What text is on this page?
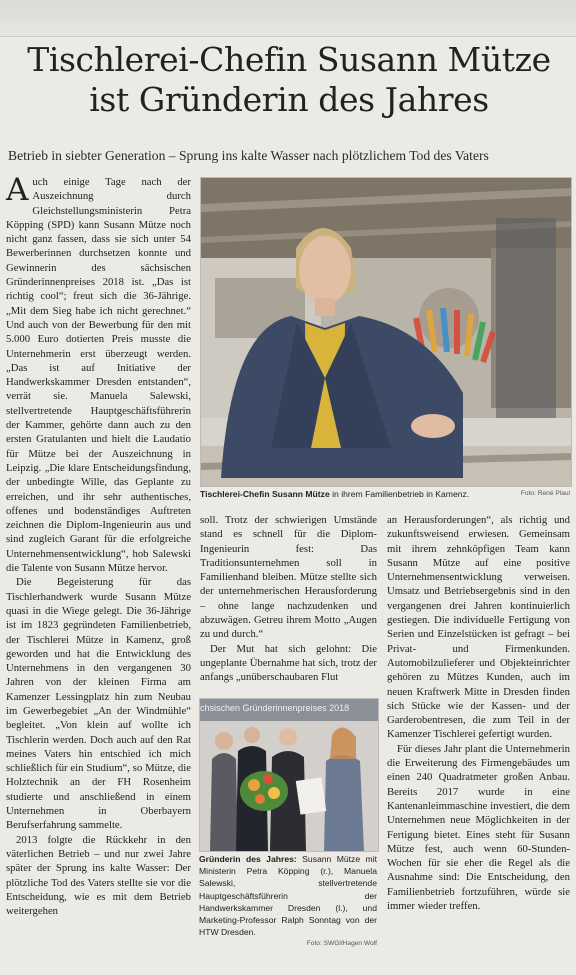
Tischlerei-Chefin Susann Mütze
ist Gründerin des Jahres
Betrieb in siebter Generation – Sprung ins kalte Wasser nach plötzlichem Tod des Vaters

Auch einige Tage nach der Auszeichnung durch Gleichstellungsministerin Petra Köpping (SPD) kann Susann Mütze noch nicht ganz fassen, dass sie sich unter 54 Bewerberinnen durchsetzen konnte und Gewinnerin des sächsischen Gründerinnenpreises 2018 ist. „Das ist richtig cool“; freut sich die 36-Jährige. „Mit dem Sieg habe ich nicht gerechnet.“ Und auch von der Bewerbung für den mit 5.000 Euro dotierten Preis musste die Unternehmerin erst überzeugt werden. „Das ist auf Initiative der Handwerkskammer Dresden entstanden“, verrät sie. Manuela Salewski, stellvertretende Hauptgeschäftsführerin der Kammer, gehörte dann auch zu den ersten Gratulanten und hielt die Laudatio für Mütze bei der Auszeichnung in Leipzig. „Die klare Entscheidungsfindung, der unbedingte Wille, das Geplante zu erreichen, und ihr sehr authentisches, offenes und bodenständiges Auftreten zeichnen die Diplom-Ingenieurin aus und sind zugleich Garant für die erfolgreiche Unternehmensentwicklung“, hob Salewski die Talente von Susann Mütze hervor.

Die Begeisterung für das Tischlerhandwerk wurde Susann Mütze quasi in die Wiege gelegt. Die 36-Jährige ist im 1823 gegründeten Familienbetrieb, der Tischlerei Mütze in Kamenz, groß geworden und hat die Entwicklung des Unternehmens in den vergangenen 30 Jahren von der kleinen Firma am Kamenzer Lessingplatz hin zum Neubau im Gewerbegebiet „An der Windmühle“ begleitet. „Von klein auf wollte ich Tischlerin werden. Doch auch auf den Rat meines Vaters hin entschied ich mich schließlich für ein Studium“, so Mütze, die Holztechnik an der FH Rosenheim studierte und anschließend in einem Unternehmen in Oberbayern Berufserfahrung sammelte.

2013 folgte die Rückkehr in den väterlichen Betrieb – und nur zwei Jahre später der Sprung ins kalte Wasser: Der plötzliche Tod des Vaters stellte sie vor die Entscheidung, wie es mit dem Betrieb weitergehen

Tischlerei-Chefin Susann Mütze in ihrem Familienbetrieb in Kamenz.	Foto: René Plaul

soll. Trotz der schwierigen Umstände stand es schnell für die Diplom-Ingenieurin fest: Das Traditionsunternehmen soll in Familienhand bleiben. Mütze stellte sich der unternehmerischen Herausforderung – ohne lange nachzudenken und abzuwägen. Getreu ihrem Motto „Augen zu und durch.“

Der Mut hat sich gelohnt: Die ungeplante Übernahme hat sich, trotz der anfangs „unüberschaubaren Flut

chsischen Gründerinnenpreises 2018
Gründerin des Jahres: Susann Mütze mit Ministerin Petra Köpping (r.), Manuela Salewski, stellvertretende Hauptgeschäftsführerin der Handwerkskammer Dresden (l.), und Marketing-Professor Ralph Sonntag von der HTW Dresden.
Foto: SWGl/Hagen Wolf

an Herausforderungen“, als richtig und zukunftsweisend erwiesen. Gemeinsam mit ihrem zehnköpfigen Team kann Susann Mütze auf eine positive Unternehmensentwicklung verweisen. Umsatz und Betriebsergebnis sind in den vergangenen drei Jahren kontinuierlich gestiegen. Die individuelle Fertigung von Serien und Einzelstücken ist gefragt – bei Privat- und Firmenkunden. Automobilzulieferer und Objekteinrichter gehören zu Mützes Kunden, auch im neuen Kraftwerk Mitte in Dresden finden sich Stücke wie der Kassen- und der Garderobentresen, die zum Teil in der Kamenzer Tischlerei gefertigt wurden.

Für dieses Jahr plant die Unternehmerin die Erweiterung des Firmengebäudes um einen 240 Quadratmeter großen Anbau. Bereits 2017 wurde in eine Kantenanleimmaschine investiert, die dem Unternehmen neue Möglichkeiten in der Fertigung bietet. Eines steht für Susann Mütze fest, auch wenn 60-Stunden-Wochen für sie eher die Regel als die Ausnahme sind: Die Entscheidung, den Familienbetrieb fortzuführen, würde sie immer wieder treffen.
